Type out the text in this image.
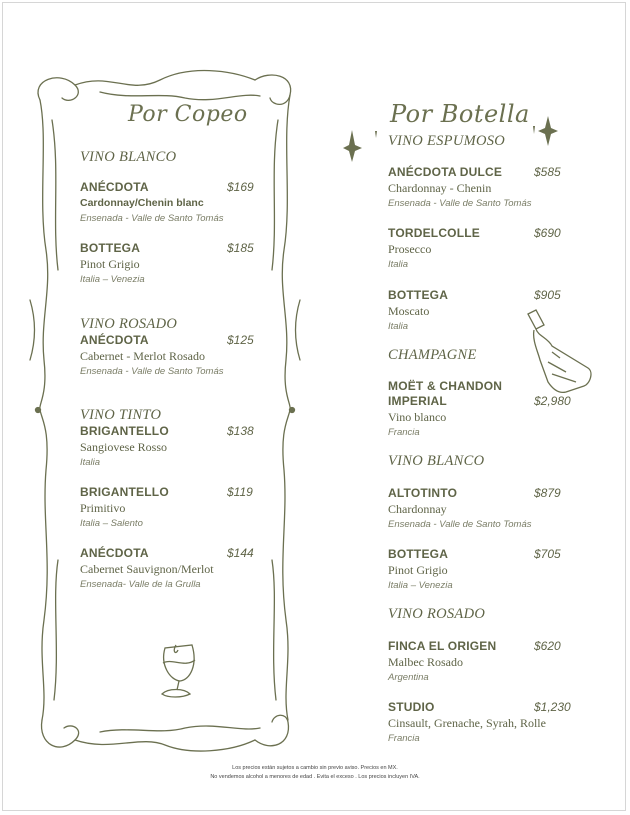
Por Copeo
VINO BLANCO
ANÉCDOTA	$169
Cardonnay/Chenin blanc
Ensenada - Valle de Santo Tomás
BOTTEGA	$185
Pinot Grigio
Italia – Venezia
VINO ROSADO
ANÉCDOTA	$125
Cabernet - Merlot Rosado
Ensenada - Valle de Santo Tomás
VINO TINTO
BRIGANTELLO	$138
Sangiovese Rosso
Italia
BRIGANTELLO	$119
Primitivo
Italia – Salento
ANÉCDOTA	$144
Cabernet Sauvignon/Merlot
Ensenada- Valle de la Grulla
Por Botella
VINO ESPUMOSO
ANÉCDOTA DULCE	$585
Chardonnay - Chenin
Ensenada - Valle de Santo Tomás
TORDELCOLLE	$690
Prosecco
Italia
BOTTEGA	$905
Moscato
Italia
CHAMPAGNE
MOËT & CHANDON
IMPERIAL	$2,980
Vino blanco
Francia
VINO BLANCO
ALTOTINTO	$879
Chardonnay
Ensenada - Valle de Santo Tomás
BOTTEGA	$705
Pinot Grigio
Italia – Venezia
VINO ROSADO
FINCA EL ORIGEN	$620
Malbec Rosado
Argentina
STUDIO	$1,230
Cinsault, Grenache, Syrah, Rolle
Francia
Los precios están sujetos a cambio sin previo aviso. Precios en MX.
No vendemos alcohol a menores de edad . Evita el exceso . Los precios incluyen IVA.
